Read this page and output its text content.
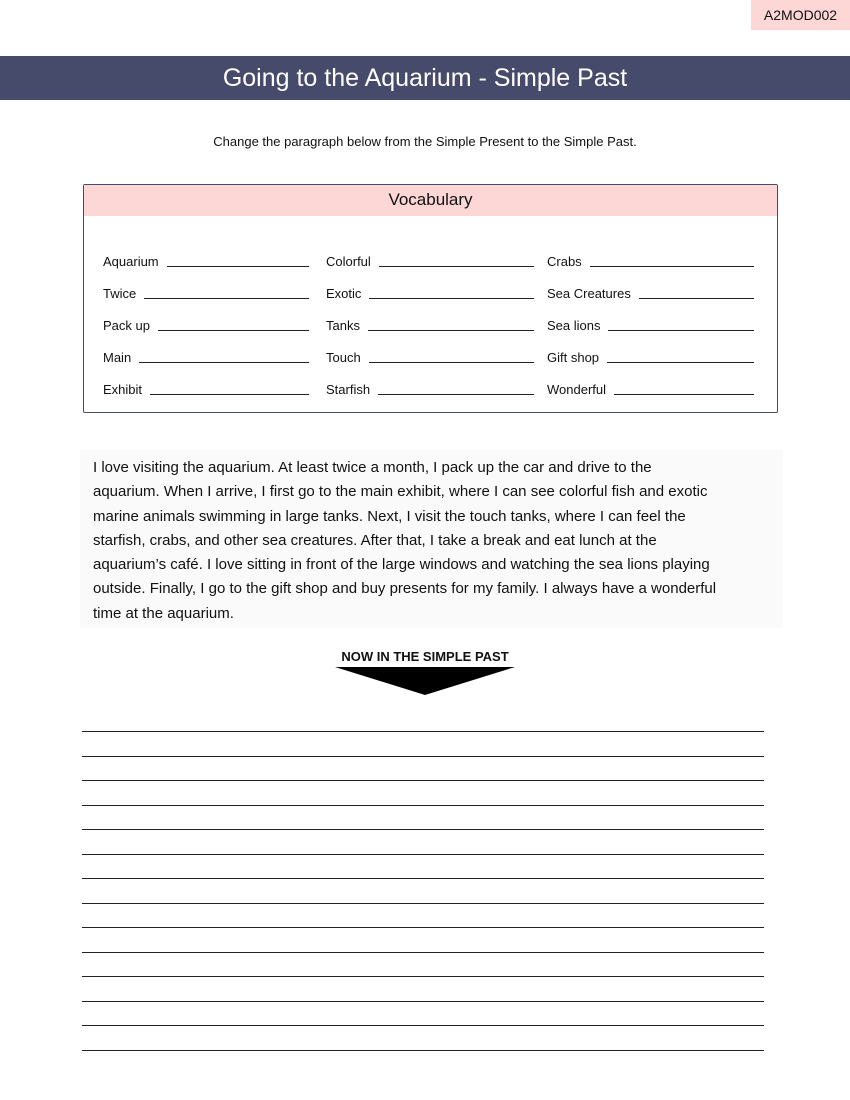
A2MOD002
Going to the Aquarium - Simple Past
Change the paragraph below from the Simple Present to the Simple Past.
Vocabulary
Aquarium
Twice
Pack up
Main
Exhibit
Colorful
Exotic
Tanks
Touch
Starfish
Crabs
Sea Creatures
Sea lions
Gift shop
Wonderful
I love visiting the aquarium. At least twice a month, I pack up the car and drive to the
aquarium. When I arrive, I first go to the main exhibit, where I can see colorful fish and exotic
marine animals swimming in large tanks. Next, I visit the touch tanks, where I can feel the
starfish, crabs, and other sea creatures. After that, I take a break and eat lunch at the
aquarium’s café. I love sitting in front of the large windows and watching the sea lions playing
outside. Finally, I go to the gift shop and buy presents for my family. I always have a wonderful
time at the aquarium.
NOW IN THE SIMPLE PAST
